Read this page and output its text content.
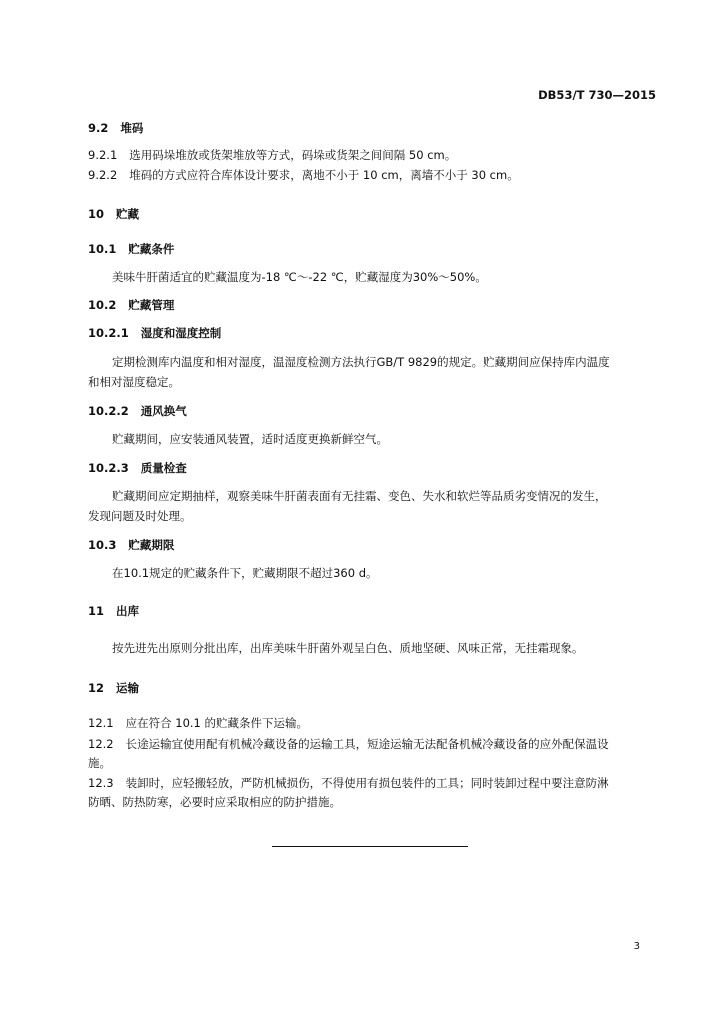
DB53/T 730—2015
9.2 堆码
9.2.1 选用码垛堆放或货架堆放等方式，码垛或货架之间间隔 50 cm。
9.2.2 堆码的方式应符合库体设计要求，离地不小于 10 cm，离墙不小于 30 cm。
10 贮藏
10.1 贮藏条件
美味牛肝菌适宜的贮藏温度为-18 ℃～-22 ℃，贮藏湿度为30%～50%。
10.2 贮藏管理
10.2.1 湿度和湿度控制
定期检测库内温度和相对湿度，温湿度检测方法执行GB/T 9829的规定。贮藏期间应保持库内温度
和相对湿度稳定。
10.2.2 通风换气
贮藏期间，应安装通风装置，适时适度更换新鲜空气。
10.2.3 质量检查
贮藏期间应定期抽样，观察美味牛肝菌表面有无挂霜、变色、失水和软烂等品质劣变情况的发生，
发现问题及时处理。
10.3 贮藏期限
在10.1规定的贮藏条件下，贮藏期限不超过360 d。
11 出库
按先进先出原则分批出库，出库美味牛肝菌外观呈白色、质地坚硬、风味正常，无挂霜现象。
12 运输
12.1 应在符合 10.1 的贮藏条件下运输。
12.2 长途运输宜使用配有机械冷藏设备的运输工具，短途运输无法配备机械冷藏设备的应外配保温设
施。
12.3 装卸时，应轻搬轻放，严防机械损伤，不得使用有损包装件的工具；同时装卸过程中要注意防淋
防晒、防热防寒，必要时应采取相应的防护措施。
3
